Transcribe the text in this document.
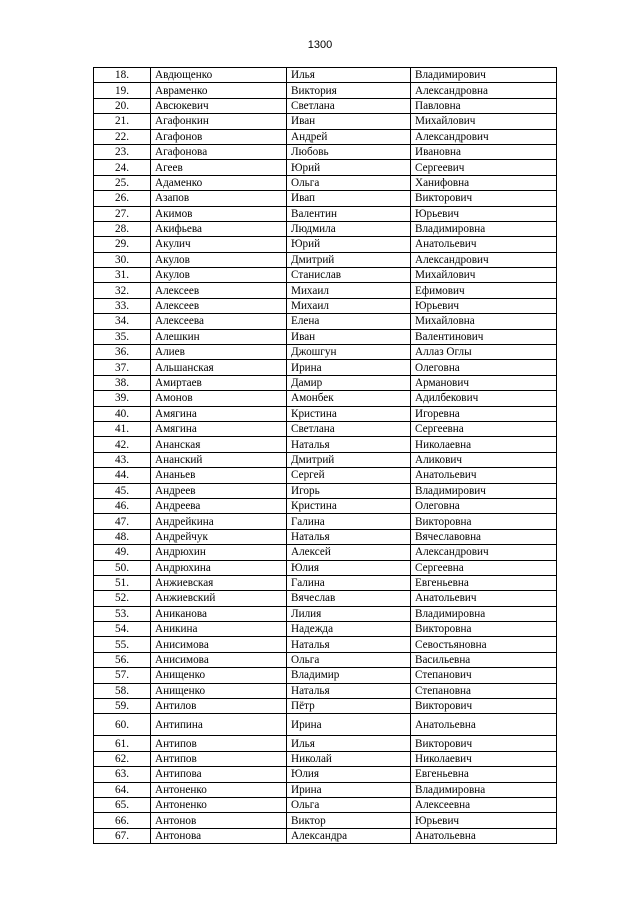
1300
18.	Авдющенко	Илья	Владимирович
19.	Авраменко	Виктория	Александровна
20.	Авсюкевич	Светлана	Павловна
21.	Агафонкин	Иван	Михайлович
22.	Агафонов	Андрей	Александрович
23.	Агафонова	Любовь	Ивановна
24.	Агеев	Юрий	Сергеевич
25.	Адаменко	Ольга	Ханифовна
26.	Азапов	Ивап	Викторович
27.	Акимов	Валентин	Юрьевич
28.	Акифьева	Людмила	Владимировна
29.	Акулич	Юрий	Анатольевич
30.	Акулов	Дмитрий	Александрович
31.	Акулов	Станислав	Михайлович
32.	Алексеев	Михаил	Ефимович
33.	Алексеев	Михаил	Юрьевич
34.	Алексеева	Елена	Михайловна
35.	Алешкин	Иван	Валентинович
36.	Алиев	Джошгун	Аллаз Оглы
37.	Альшанская	Ирина	Олеговна
38.	Амиртаев	Дамир	Арманович
39.	Амонов	Амонбек	Адилбекович
40.	Амягина	Кристина	Игоревна
41.	Амягина	Светлана	Сергеевна
42.	Ананская	Наталья	Николаевна
43.	Ананский	Дмитрий	Аликович
44.	Ананьев	Сергей	Анатольевич
45.	Андреев	Игорь	Владимирович
46.	Андреева	Кристина	Олеговна
47.	Андрейкина	Галина	Викторовна
48.	Андрейчук	Наталья	Вячеславовна
49.	Андрюхин	Алексей	Александрович
50.	Андрюхина	Юлия	Сергеевна
51.	Анжиевская	Галина	Евгеньевна
52.	Анжиевский	Вячеслав	Анатольевич
53.	Аниканова	Лилия	Владимировна
54.	Аникина	Надежда	Викторовна
55.	Анисимова	Наталья	Севостьяновна
56.	Анисимова	Ольга	Васильевна
57.	Анищенко	Владимир	Степанович
58.	Анищенко	Наталья	Степановна
59.	Антилов	Пётр	Викторович
60.	Антипина	Ирина	Анатольевна
61.	Антипов	Илья	Викторович
62.	Антипов	Николай	Николаевич
63.	Антипова	Юлия	Евгеньевна
64.	Антоненко	Ирина	Владимировна
65.	Антоненко	Ольга	Алексеевна
66.	Антонов	Виктор	Юрьевич
67.	Антонова	Александра	Анатольевна
